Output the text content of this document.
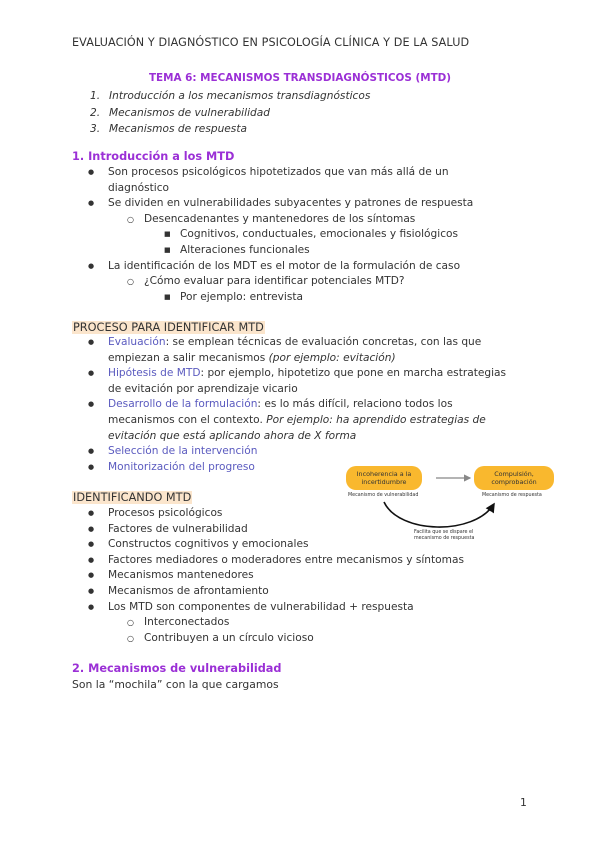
EVALUACIÓN Y DIAGNÓSTICO EN PSICOLOGÍA CLÍNICA Y DE LA SALUD
TEMA 6: MECANISMOS TRANSDIAGNÓSTICOS (MTD)
1. Introducción a los mecanismos transdiagnósticos
2. Mecanismos de vulnerabilidad
3. Mecanismos de respuesta
1. Introducción a los MTD
● Son procesos psicológicos hipotetizados que van más allá de un
diagnóstico
● Se dividen en vulnerabilidades subyacentes y patrones de respuesta
○ Desencadenantes y mantenedores de los síntomas
■ Cognitivos, conductuales, emocionales y fisiológicos
■ Alteraciones funcionales
● La identificación de los MDT es el motor de la formulación de caso
○ ¿Cómo evaluar para identificar potenciales MTD?
■ Por ejemplo: entrevista
PROCESO PARA IDENTIFICAR MTD
● Evaluación: se emplean técnicas de evaluación concretas, con las que
empiezan a salir mecanismos (por ejemplo: evitación)
● Hipótesis de MTD: por ejemplo, hipotetizo que pone en marcha estrategias
de evitación por aprendizaje vicario
● Desarrollo de la formulación: es lo más difícil, relaciono todos los
mecanismos con el contexto. Por ejemplo: ha aprendido estrategias de
evitación que está aplicando ahora de X forma
● Selección de la intervención
● Monitorización del progreso
IDENTIFICANDO MTD
● Procesos psicológicos
● Factores de vulnerabilidad
● Constructos cognitivos y emocionales
● Factores mediadores o moderadores entre mecanismos y síntomas
● Mecanismos mantenedores
● Mecanismos de afrontamiento
● Los MTD son componentes de vulnerabilidad + respuesta
○ Interconectados
○ Contribuyen a un círculo vicioso
Incoherencia a la
incertidumbre
Compulsión,
comprobación
Mecanismo de vulnerabilidad	Mecanismo de respuesta
Facilita que se dispare el
mecanismo de respuesta
2. Mecanismos de vulnerabilidad
Son la “mochila” con la que cargamos
1
